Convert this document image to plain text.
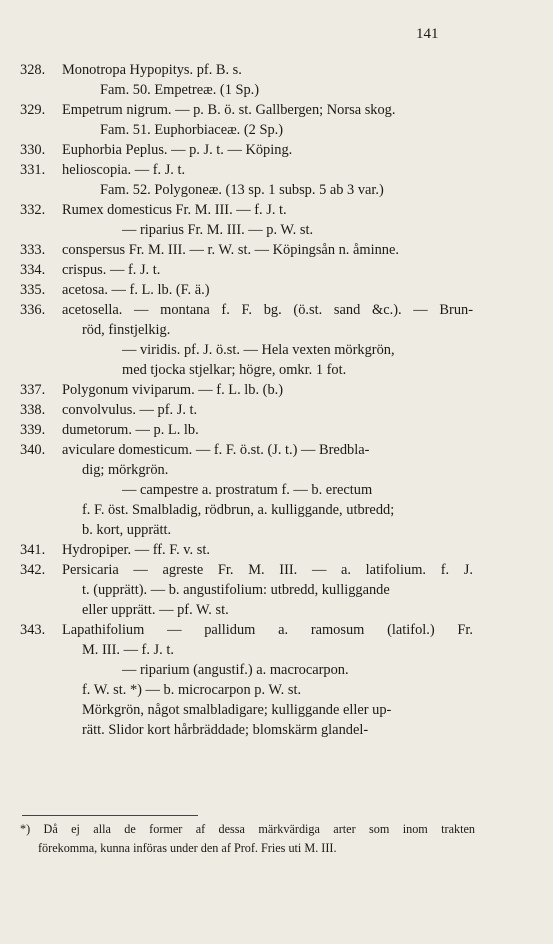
141
328. Monotropa Hypopitys. pf. B. s.
Fam. 50. Empetreæ. (1 Sp.)
329. Empetrum nigrum. — p. B. ö. st. Gallbergen; Norsa skog.
Fam. 51. Euphorbiaceæ. (2 Sp.)
330. Euphorbia Peplus. — p. J. t. — Köping.
331. helioscopia. — f. J. t.
Fam. 52. Polygoneæ. (13 sp. 1 subsp. 5 ab 3 var.)
332. Rumex domesticus Fr. M. III. — f. J. t.
— riparius Fr. M. III. — p. W. st.
333. conspersus Fr. M. III. — r. W. st. — Köpingsån n. åminne.
334. crispus. — f. J. t.
335. acetosa. — f. L. lb. (F. ä.)
336. acetosella. — montana f. F. bg. (ö.st. sand &c.). — Brun-
röd, finstjelkig.
— viridis. pf. J. ö.st. — Hela vexten mörkgrön,
med tjocka stjelkar; högre, omkr. 1 fot.
337. Polygonum viviparum. — f. L. lb. (b.)
338. convolvulus. — pf. J. t.
339. dumetorum. — p. L. lb.
340. aviculare domesticum. — f. F. ö.st. (J. t.) — Bredbla-
dig; mörkgrön.
— campestre a. prostratum f. — b. erectum
f. F. öst. Smalbladig, rödbrun, a. kulliggande, utbredd;
b. kort, upprätt.
341. Hydropiper. — ff. F. v. st.
342. Persicaria — agreste Fr. M. III. — a. latifolium. f. J.
t. (upprätt). — b. angustifolium: utbredd, kulliggande
eller upprätt. — pf. W. st.
343. Lapathifolium — pallidum a. ramosum (latifol.) Fr.
M. III. — f. J. t.
— riparium (angustif.) a. macrocarpon.
f. W. st. *) — b. microcarpon p. W. st.
Mörkgrön, något smalbladigare; kulliggande eller up-
rätt. Slidor kort hårbräddade; blomskärm glandel-
*) Då ej alla de former af dessa märkvärdiga arter som inom trakten
förekomma, kunna införas under den af Prof. Fries uti M. III.
